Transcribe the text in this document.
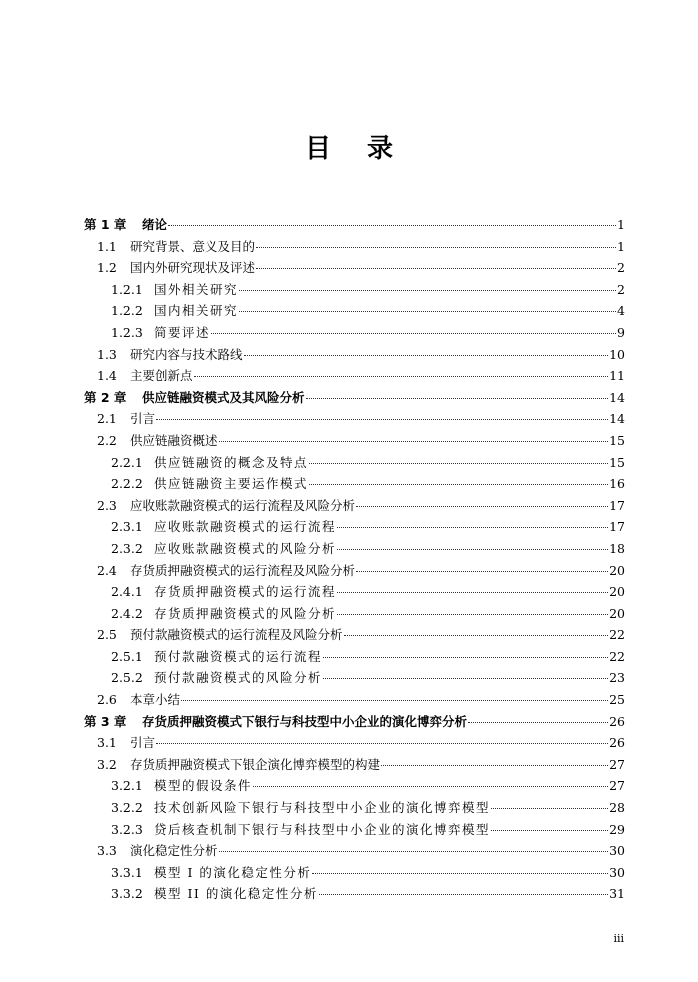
目 录
第 1 章	绪论	1
1.1	研究背景、意义及目的	1
1.2	国内外研究现状及评述	2
1.2.1 国外相关研究	2
1.2.2 国内相关研究	4
1.2.3 简要评述	9
1.3	研究内容与技术路线	10
1.4	主要创新点	11
第 2 章	供应链融资模式及其风险分析	14
2.1	引言	14
2.2	供应链融资概述	15
2.2.1 供应链融资的概念及特点	15
2.2.2 供应链融资主要运作模式	16
2.3	应收账款融资模式的运行流程及风险分析	17
2.3.1 应收账款融资模式的运行流程	17
2.3.2 应收账款融资模式的风险分析	18
2.4	存货质押融资模式的运行流程及风险分析	20
2.4.1 存货质押融资模式的运行流程	20
2.4.2 存货质押融资模式的风险分析	20
2.5	预付款融资模式的运行流程及风险分析	22
2.5.1 预付款融资模式的运行流程	22
2.5.2 预付款融资模式的风险分析	23
2.6	本章小结	25
第 3 章	存货质押融资模式下银行与科技型中小企业的演化博弈分析	26
3.1	引言	26
3.2	存货质押融资模式下银企演化博弈模型的构建	27
3.2.1 模型的假设条件	27
3.2.2 技术创新风险下银行与科技型中小企业的演化博弈模型	28
3.2.3 贷后核查机制下银行与科技型中小企业的演化博弈模型	29
3.3	演化稳定性分析	30
3.3.1 模型 I 的演化稳定性分析	30
3.3.2 模型 II 的演化稳定性分析	31
iii
